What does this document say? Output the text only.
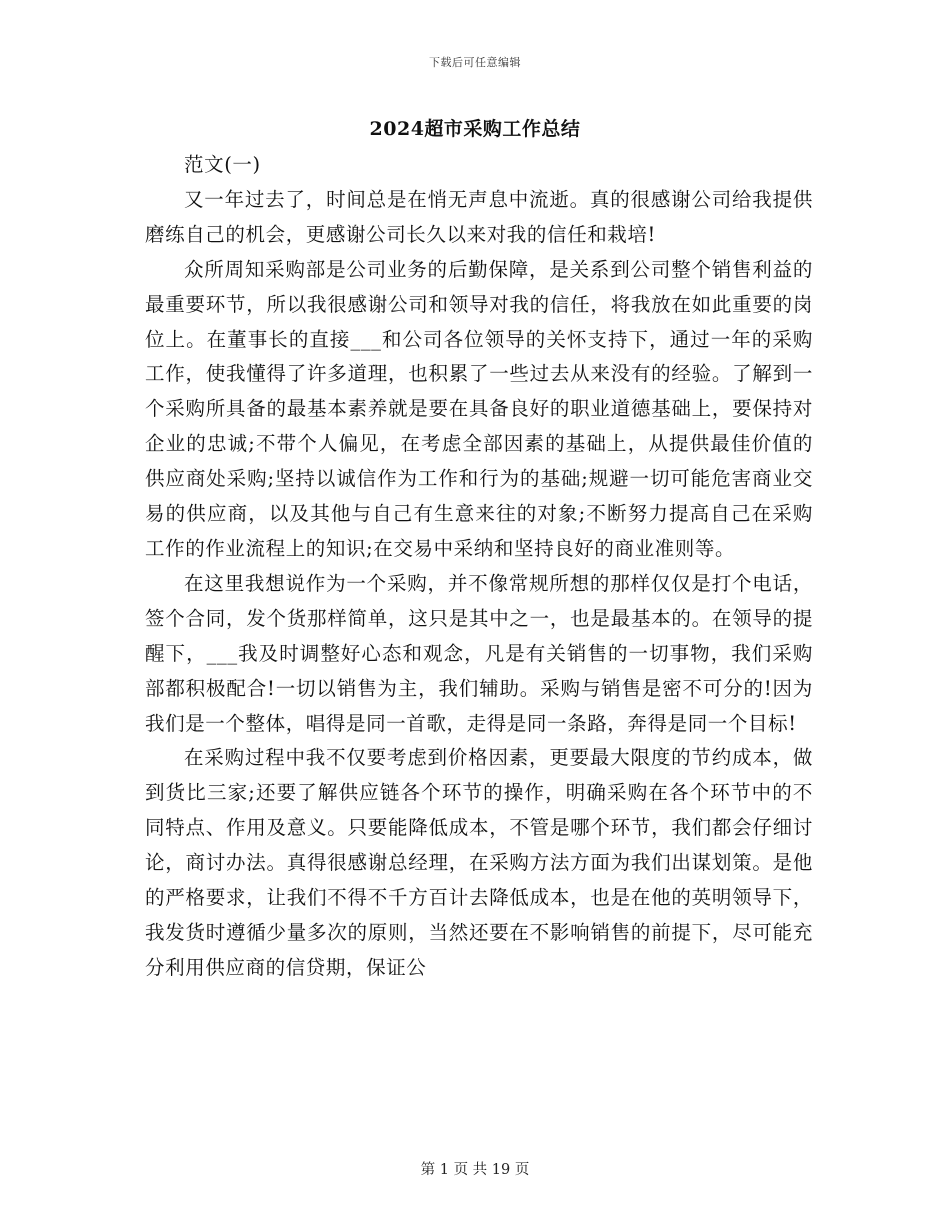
下载后可任意编辑
2024超市采购工作总结

范文(一)

又一年过去了，时间总是在悄无声息中流逝。真的很感谢公司给我提供磨练自己的机会，更感谢公司长久以来对我的信任和栽培!

众所周知采购部是公司业务的后勤保障，是关系到公司整个销售利益的最重要环节，所以我很感谢公司和领导对我的信任，将我放在如此重要的岗位上。在董事长的直接___和公司各位领导的关怀支持下，通过一年的采购工作，使我懂得了许多道理，也积累了一些过去从来没有的经验。了解到一个采购所具备的最基本素养就是要在具备良好的职业道德基础上，要保持对企业的忠诚;不带个人偏见，在考虑全部因素的基础上，从提供最佳价值的供应商处采购;坚持以诚信作为工作和行为的基础;规避一切可能危害商业交易的供应商，以及其他与自己有生意来往的对象;不断努力提高自己在采购工作的作业流程上的知识;在交易中采纳和坚持良好的商业准则等。

在这里我想说作为一个采购，并不像常规所想的那样仅仅是打个电话，签个合同，发个货那样简单，这只是其中之一，也是最基本的。在领导的提醒下，___我及时调整好心态和观念，凡是有关销售的一切事物，我们采购部都积极配合!一切以销售为主，我们辅助。采购与销售是密不可分的!因为我们是一个整体，唱得是同一首歌，走得是同一条路，奔得是同一个目标!

在采购过程中我不仅要考虑到价格因素，更要最大限度的节约成本，做到货比三家;还要了解供应链各个环节的操作，明确采购在各个环节中的不同特点、作用及意义。只要能降低成本，不管是哪个环节，我们都会仔细讨论，商讨办法。真得很感谢总经理，在采购方法方面为我们出谋划策。是他的严格要求，让我们不得不千方百计去降低成本，也是在他的英明领导下，我发货时遵循少量多次的原则，当然还要在不影响销售的前提下，尽可能充分利用供应商的信贷期，保证公

第 1 页 共 19 页
